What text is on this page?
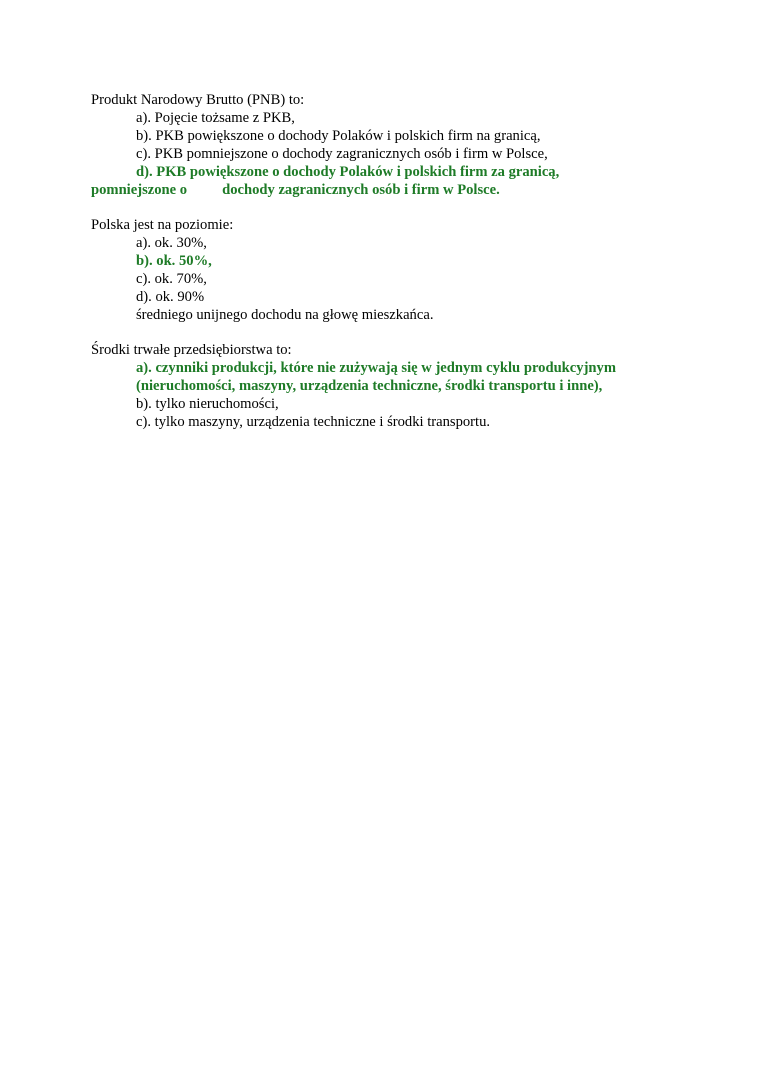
Produkt Narodowy Brutto (PNB) to:
a). Pojęcie tożsame z PKB,
b). PKB powiększone o dochody Polaków i polskich firm na granicą,
c). PKB pomniejszone o dochody zagranicznych osób i firm w Polsce,
d). PKB powiększone o dochody Polaków i polskich firm za granicą,
pomniejszone o dochody zagranicznych osób i firm w Polsce.
Polska jest na poziomie:
a). ok. 30%,
b). ok. 50%,
c). ok. 70%,
d). ok. 90%
średniego unijnego dochodu na głowę mieszkańca.
Środki trwałe przedsiębiorstwa to:
a). czynniki produkcji, które nie zużywają się w jednym cyklu produkcyjnym
(nieruchomości, maszyny, urządzenia techniczne, środki transportu i inne),
b). tylko nieruchomości,
c). tylko maszyny, urządzenia techniczne i środki transportu.
